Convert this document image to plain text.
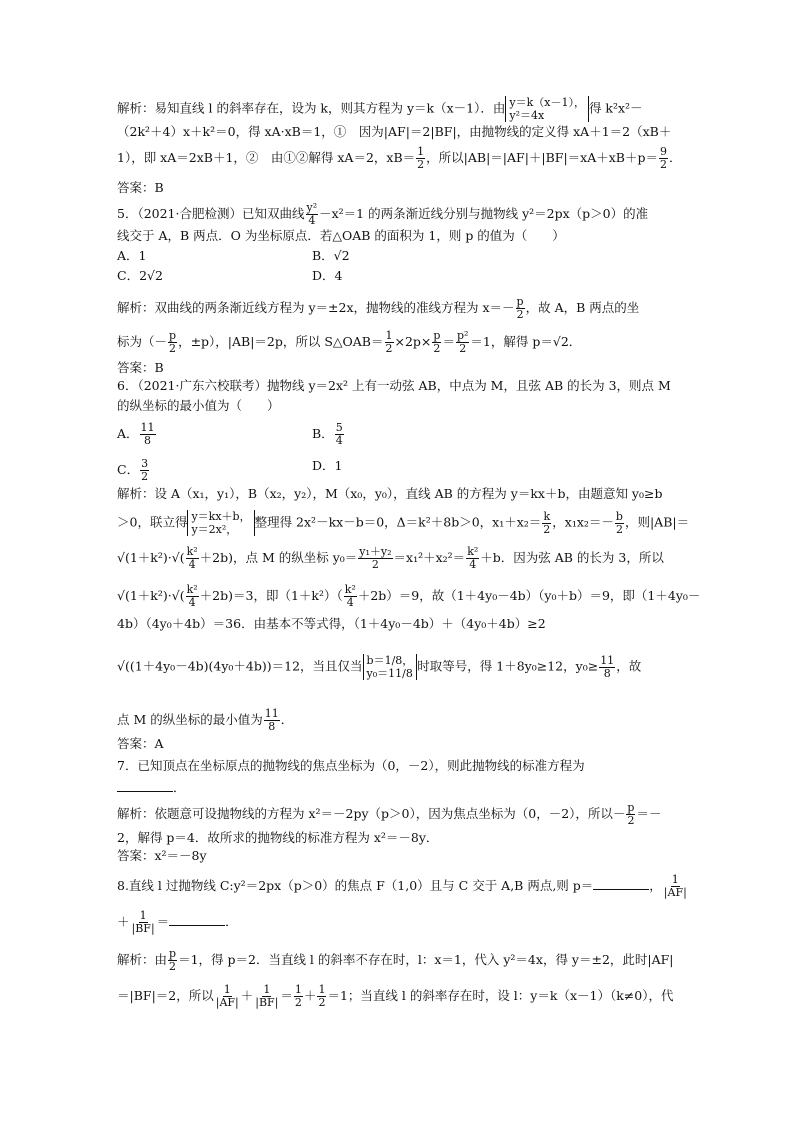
解析：易知直线 l 的斜率存在，设为 k，则其方程为 y＝k（x－1）．由 y＝k（x－1），
y²＝4x	得 k²x²－
（2k²＋4）x＋k²＝0，得 xA·xB＝1，①　因为|AF|＝2|BF|，由抛物线的定义得 xA＋1＝2（xB＋
1），即 xA＝2xB＋1，②　由①②解得 xA＝2，$xB= \frac{1}{2}$ ，所以$|AB|=|AF|+|BF|=xA+xB+p= \frac{9}{2}$ ．
答案：B
5．（2021·合肥检测）已知双曲线 $\frac{\text{y²}}{4} -x^2=1$ 的两条渐近线分别与抛物线 y²＝2px（p＞0）的准
线交于 A，B 两点．O 为坐标原点．若△OAB 的面积为 1，则 p 的值为（　　）
A．1	B．√2
C．2√2	D．4
解析：双曲线的两条渐近线方程为 y＝±2x，抛物线的准线方程为 $x=- \frac{p}{2}$ ，故 A，B 两点的坐
标为（－ $\frac{p}{2}$ ，±p），|AB|＝2p，所以 S△OAB＝ $\frac{1}{2} \times 2p\times \frac{p}{2} = \frac{\text{p²}}{2} =1$，解得 p＝√2．
答案：B
6．（2021·广东六校联考）抛物线 y＝2x² 上有一动弦 AB，中点为 M，且弦 AB 的长为 3，则点 M
的纵坐标的最小值为（　　）
A． $\frac{11}{8}$	B． $\frac{5}{4}$
C． $\frac{3}{2}$	D．1
解析：设 A（x₁，y₁），B（x₂，y₂），M（x₀，y₀），直线 AB 的方程为 y＝kx＋b，由题意知 y₀≥b
＞0，联立得 y＝kx＋b，
y＝2x²， 整理得 2x²－kx－b＝0，Δ＝k²＋8b＞0，$x_1+x_2= \frac{k}{2}$ ，$x_1x_2=- \frac{b}{2}$ ，则|AB|＝
$√(1+k^2)\cdot√( \frac{\text{k²}}{4} +2b)$，点 M 的纵坐标 $y_0= \frac{\text{y₁＋y₂}}{2} =x_1^2+x_2^2= \frac{\text{k²}}{4} +b$．因为弦 AB 的长为 3，所以
$√(1+k^2)\cdot√( \frac{\text{k²}}{4} +2b)=3$，即$(1+k^2)( \frac{\text{k²}}{4} +2b)=9$，故（1＋4y₀－4b）（y₀＋b）＝9，即（1＋4y₀－
4b）（4y₀＋4b）＝36．由基本不等式得，（1＋4y₀－4b）＋（4y₀＋4b）≥2
√((1＋4y₀－4b)(4y₀＋4b))＝12，当且仅当 b＝1/8，
y₀＝11/8 时取等号，得 1＋8y₀≥12，$y_0\ge \frac{11}{8}$ ，故
点 M 的纵坐标的最小值为 $\frac{11}{8}$ ．
答案：A
7．已知顶点在坐标原点的抛物线的焦点坐标为（0，－2），则此抛物线的标准方程为
．
解析：依题意可设抛物线的方程为 x²＝－2py（p＞0），因为焦点坐标为（0，－2），所以－ $\frac{p}{2}$ ＝－
2，解得 p＝4．故所求的抛物线的标准方程为 x²＝－8y．
答案：x²＝－8y
8.直线 l 过抛物线 C:y²＝2px（p＞0）的焦点 F（1,0）且与 C 交于 A,B 两点,则 p＝	， $\frac{1}{|AF|}$
＋ $\frac{1}{|BF|}$ ＝	．
解析：由 $\frac{p}{2} =1$，得 p＝2．当直线 l 的斜率不存在时，l：x＝1，代入 y²＝4x，得 y＝±2，此时|AF|
＝|BF|＝2，所以 $\frac{1}{|AF|} + \frac{1}{|BF|} = \frac{1}{2} + \frac{1}{2} =1$；当直线 l 的斜率存在时，设 l：y＝k（x－1）（k≠0），代
